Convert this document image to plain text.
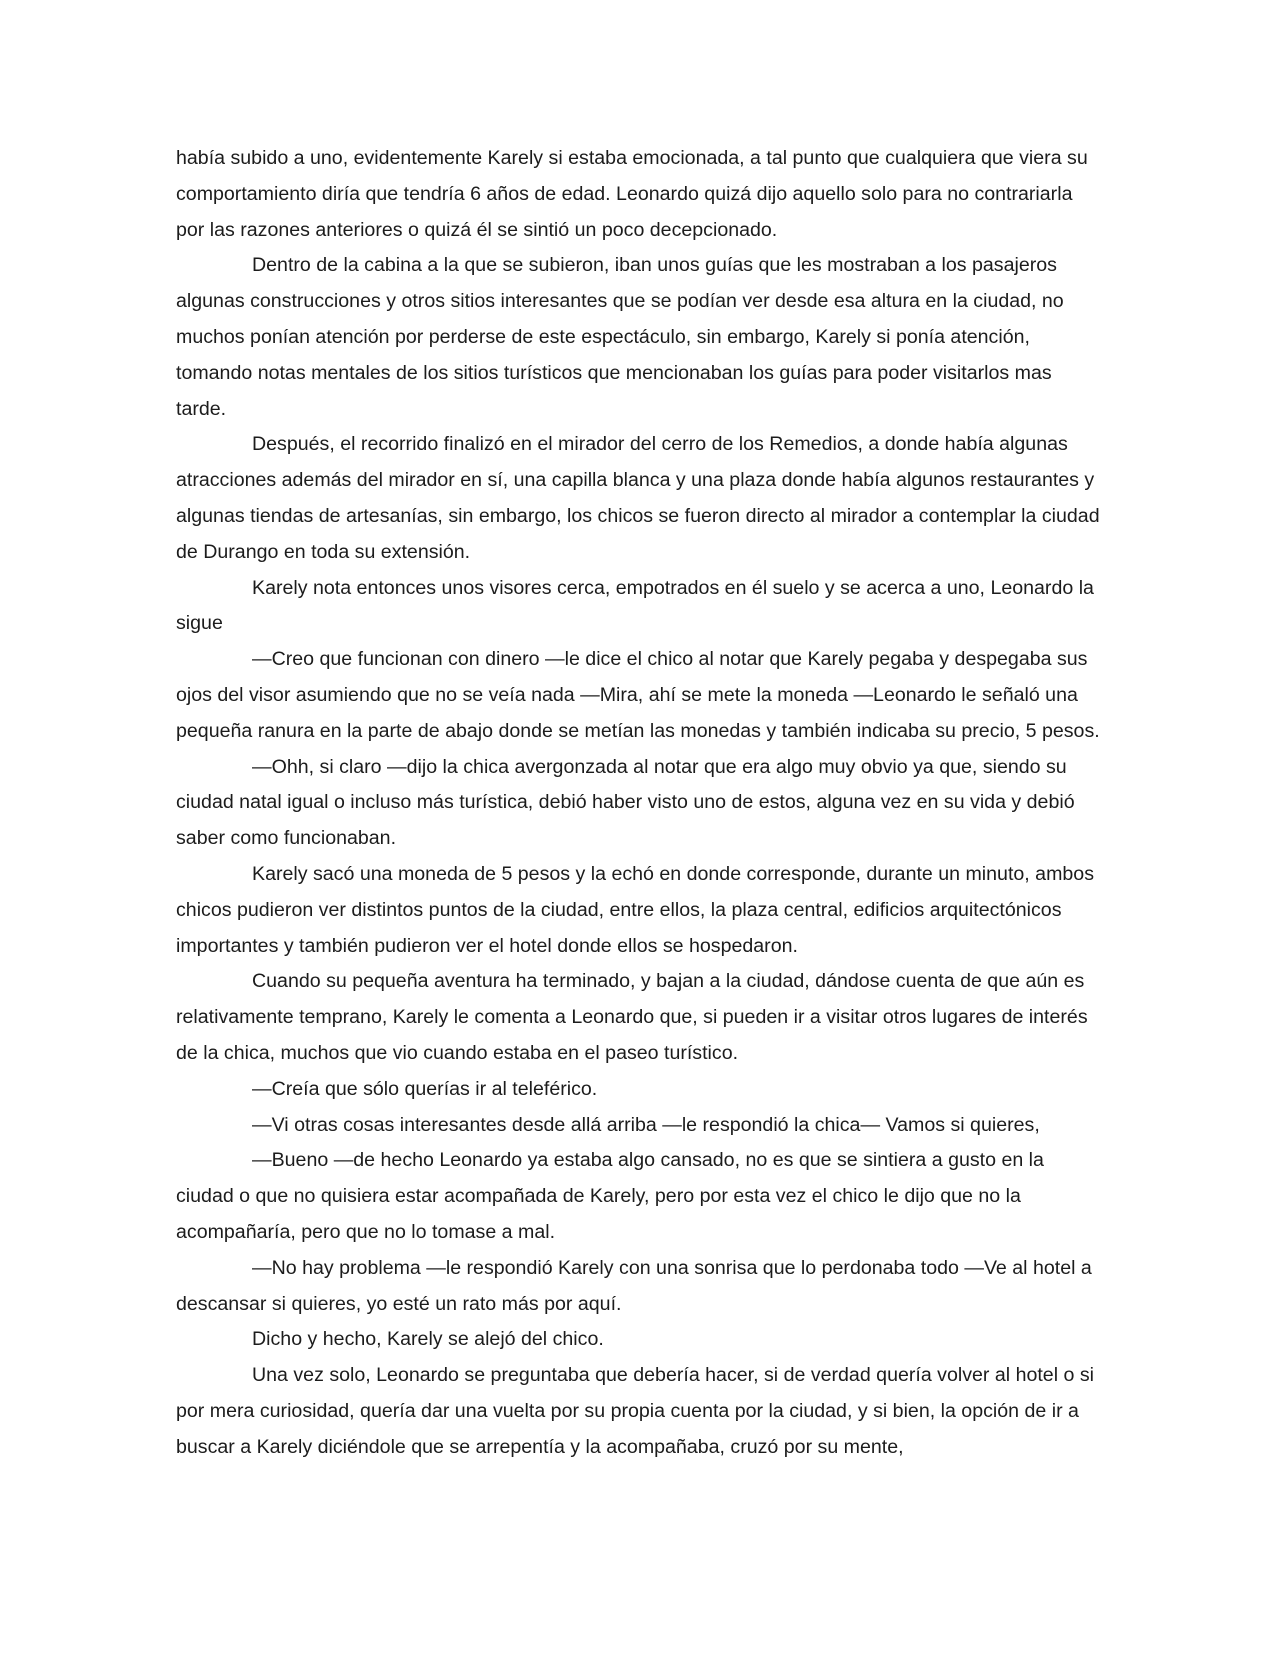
había subido a uno, evidentemente Karely si estaba emocionada, a tal punto que cualquiera que viera su comportamiento diría que tendría 6 años de edad. Leonardo quizá dijo aquello solo para no contrariarla por las razones anteriores o quizá él se sintió un poco decepcionado.

Dentro de la cabina a la que se subieron, iban unos guías que les mostraban a los pasajeros algunas construcciones y otros sitios interesantes que se podían ver desde esa altura en la ciudad, no muchos ponían atención por perderse de este espectáculo, sin embargo, Karely si ponía atención, tomando notas mentales de los sitios turísticos que mencionaban los guías para poder visitarlos mas tarde.

Después, el recorrido finalizó en el mirador del cerro de los Remedios, a donde había algunas atracciones además del mirador en sí, una capilla blanca y una plaza donde había algunos restaurantes y algunas tiendas de artesanías, sin embargo, los chicos se fueron directo al mirador a contemplar la ciudad de Durango en toda su extensión.

Karely nota entonces unos visores cerca, empotrados en él suelo y se acerca a uno, Leonardo la sigue

—Creo que funcionan con dinero —le dice el chico al notar que Karely pegaba y despegaba sus ojos del visor asumiendo que no se veía nada —Mira, ahí se mete la moneda —Leonardo le señaló una pequeña ranura en la parte de abajo donde se metían las monedas y también indicaba su precio, 5 pesos.

—Ohh, si claro —dijo la chica avergonzada al notar que era algo muy obvio ya que, siendo su ciudad natal igual o incluso más turística, debió haber visto uno de estos, alguna vez en su vida y debió saber como funcionaban.

Karely sacó una moneda de 5 pesos y la echó en donde corresponde, durante un minuto, ambos chicos pudieron ver distintos puntos de la ciudad, entre ellos, la plaza central, edificios arquitectónicos importantes y también pudieron ver el hotel donde ellos se hospedaron.

Cuando su pequeña aventura ha terminado, y bajan a la ciudad, dándose cuenta de que aún es relativamente temprano, Karely le comenta a Leonardo que, si pueden ir a visitar otros lugares de interés de la chica, muchos que vio cuando estaba en el paseo turístico.

—Creía que sólo querías ir al teleférico.

—Vi otras cosas interesantes desde allá arriba —le respondió la chica— Vamos si quieres,

—Bueno —de hecho Leonardo ya estaba algo cansado, no es que se sintiera a gusto en la ciudad o que no quisiera estar acompañada de Karely, pero por esta vez el chico le dijo que no la acompañaría, pero que no lo tomase a mal.

—No hay problema —le respondió Karely con una sonrisa que lo perdonaba todo —Ve al hotel a descansar si quieres, yo esté un rato más por aquí.

Dicho y hecho, Karely se alejó del chico.

Una vez solo, Leonardo se preguntaba que debería hacer, si de verdad quería volver al hotel o si por mera curiosidad, quería dar una vuelta por su propia cuenta por la ciudad, y si bien, la opción de ir a buscar a Karely diciéndole que se arrepentía y la acompañaba, cruzó por su mente,
